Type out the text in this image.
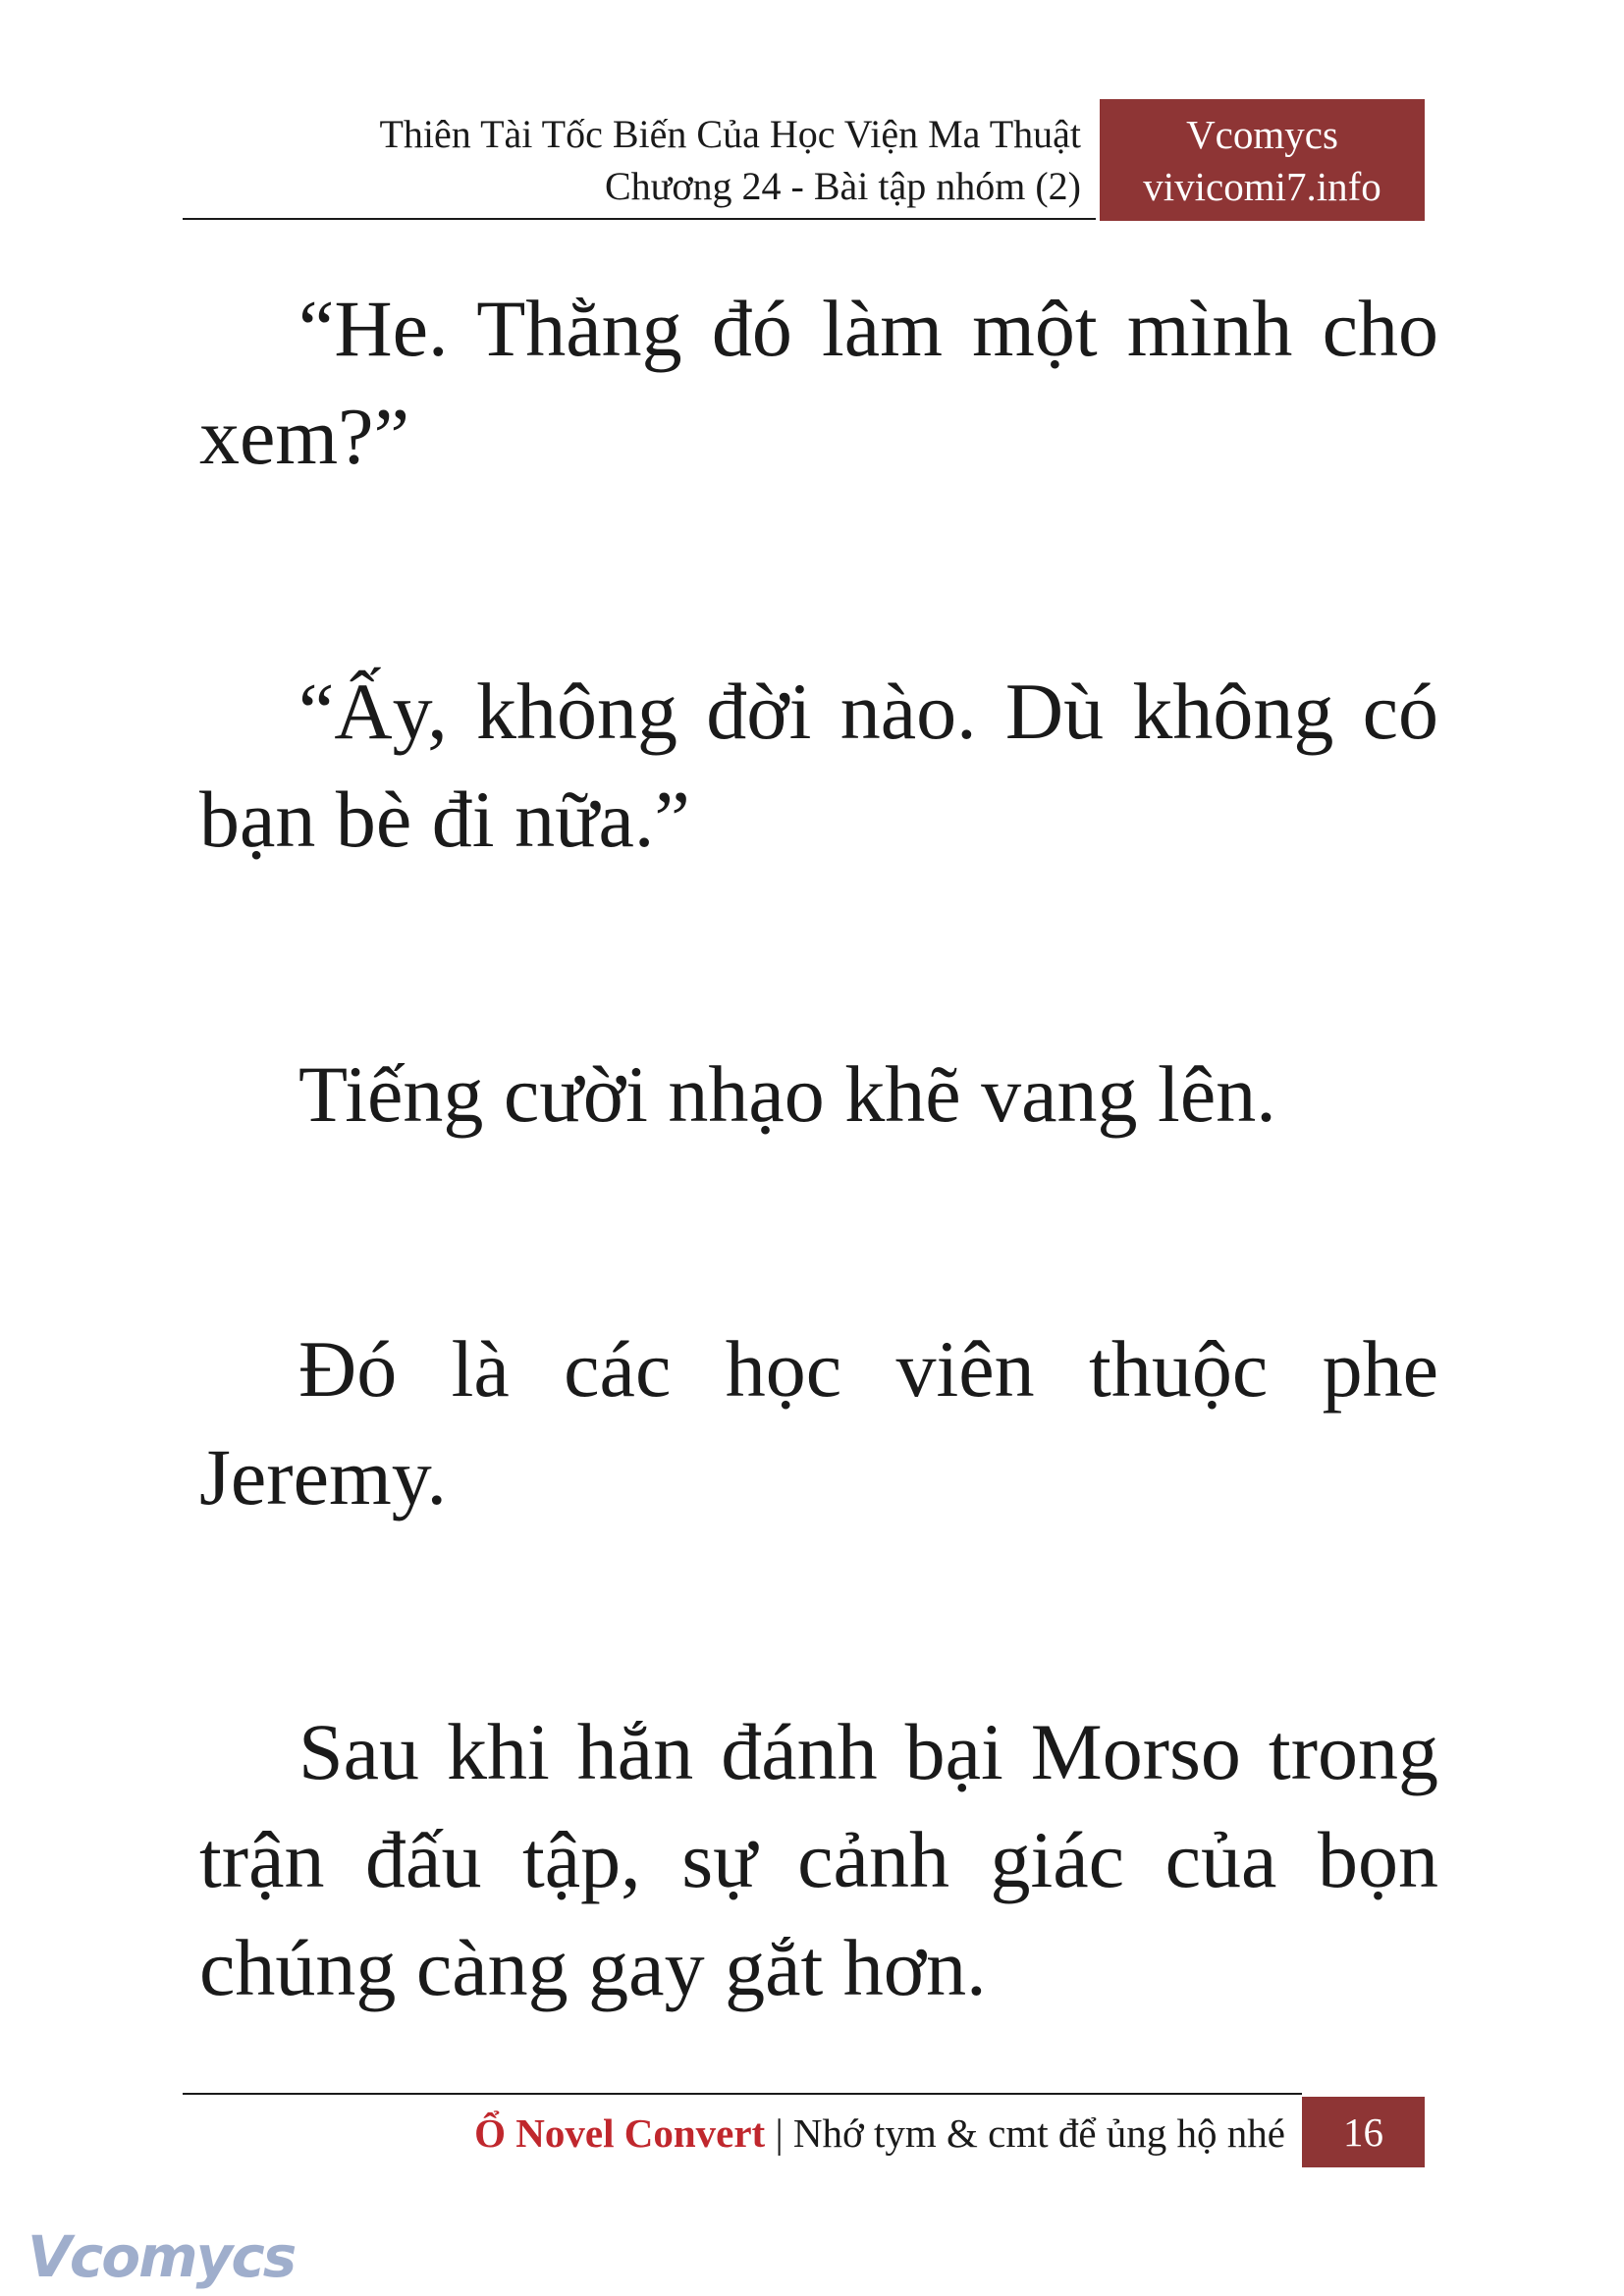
Thiên Tài Tốc Biến Của Học Viện Ma Thuật
Chương 24 - Bài tập nhóm (2)
Vcomycs
vivicomi7.info

“He. Thằng đó làm một mình cho xem?”

“Ấy, không đời nào. Dù không có bạn bè đi nữa.”

Tiếng cười nhạo khẽ vang lên.

Đó là các học viên thuộc phe Jeremy.

Sau khi hắn đánh bại Morso trong trận đấu tập, sự cảnh giác của bọn chúng càng gay gắt hơn.

Ổ Novel Convert | Nhớ tym & cmt để ủng hộ nhé	16
Vcomycs
